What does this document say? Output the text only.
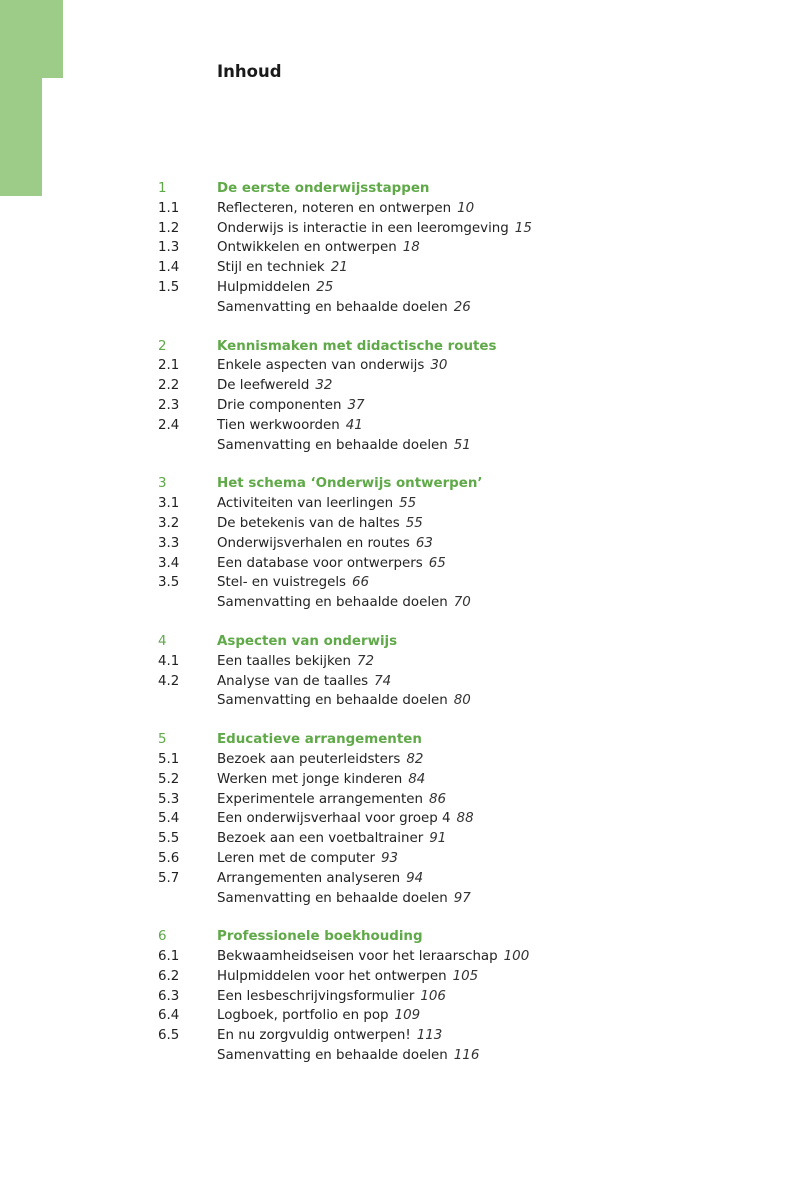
Inhoud
1	De eerste onderwijsstappen
1.1	Reflecteren, noteren en ontwerpen 10
1.2	Onderwijs is interactie in een leeromgeving 15
1.3	Ontwikkelen en ontwerpen 18
1.4	Stijl en techniek 21
1.5	Hulpmiddelen 25
Samenvatting en behaalde doelen 26
2	Kennismaken met didactische routes
2.1	Enkele aspecten van onderwijs 30
2.2	De leefwereld 32
2.3	Drie componenten 37
2.4	Tien werkwoorden 41
Samenvatting en behaalde doelen 51
3	Het schema ‘Onderwijs ontwerpen’
3.1	Activiteiten van leerlingen 55
3.2	De betekenis van de haltes 55
3.3	Onderwijsverhalen en routes 63
3.4	Een database voor ontwerpers 65
3.5	Stel- en vuistregels 66
Samenvatting en behaalde doelen 70
4	Aspecten van onderwijs
4.1	Een taalles bekijken 72
4.2	Analyse van de taalles 74
Samenvatting en behaalde doelen 80
5	Educatieve arrangementen
5.1	Bezoek aan peuterleidsters 82
5.2	Werken met jonge kinderen 84
5.3	Experimentele arrangementen 86
5.4	Een onderwijsverhaal voor groep 4 88
5.5	Bezoek aan een voetbaltrainer 91
5.6	Leren met de computer 93
5.7	Arrangementen analyseren 94
Samenvatting en behaalde doelen 97
6	Professionele boekhouding
6.1	Bekwaamheidseisen voor het leraarschap 100
6.2	Hulpmiddelen voor het ontwerpen 105
6.3	Een lesbeschrijvingsformulier 106
6.4	Logboek, portfolio en pop 109
6.5	En nu zorgvuldig ontwerpen! 113
Samenvatting en behaalde doelen 116
